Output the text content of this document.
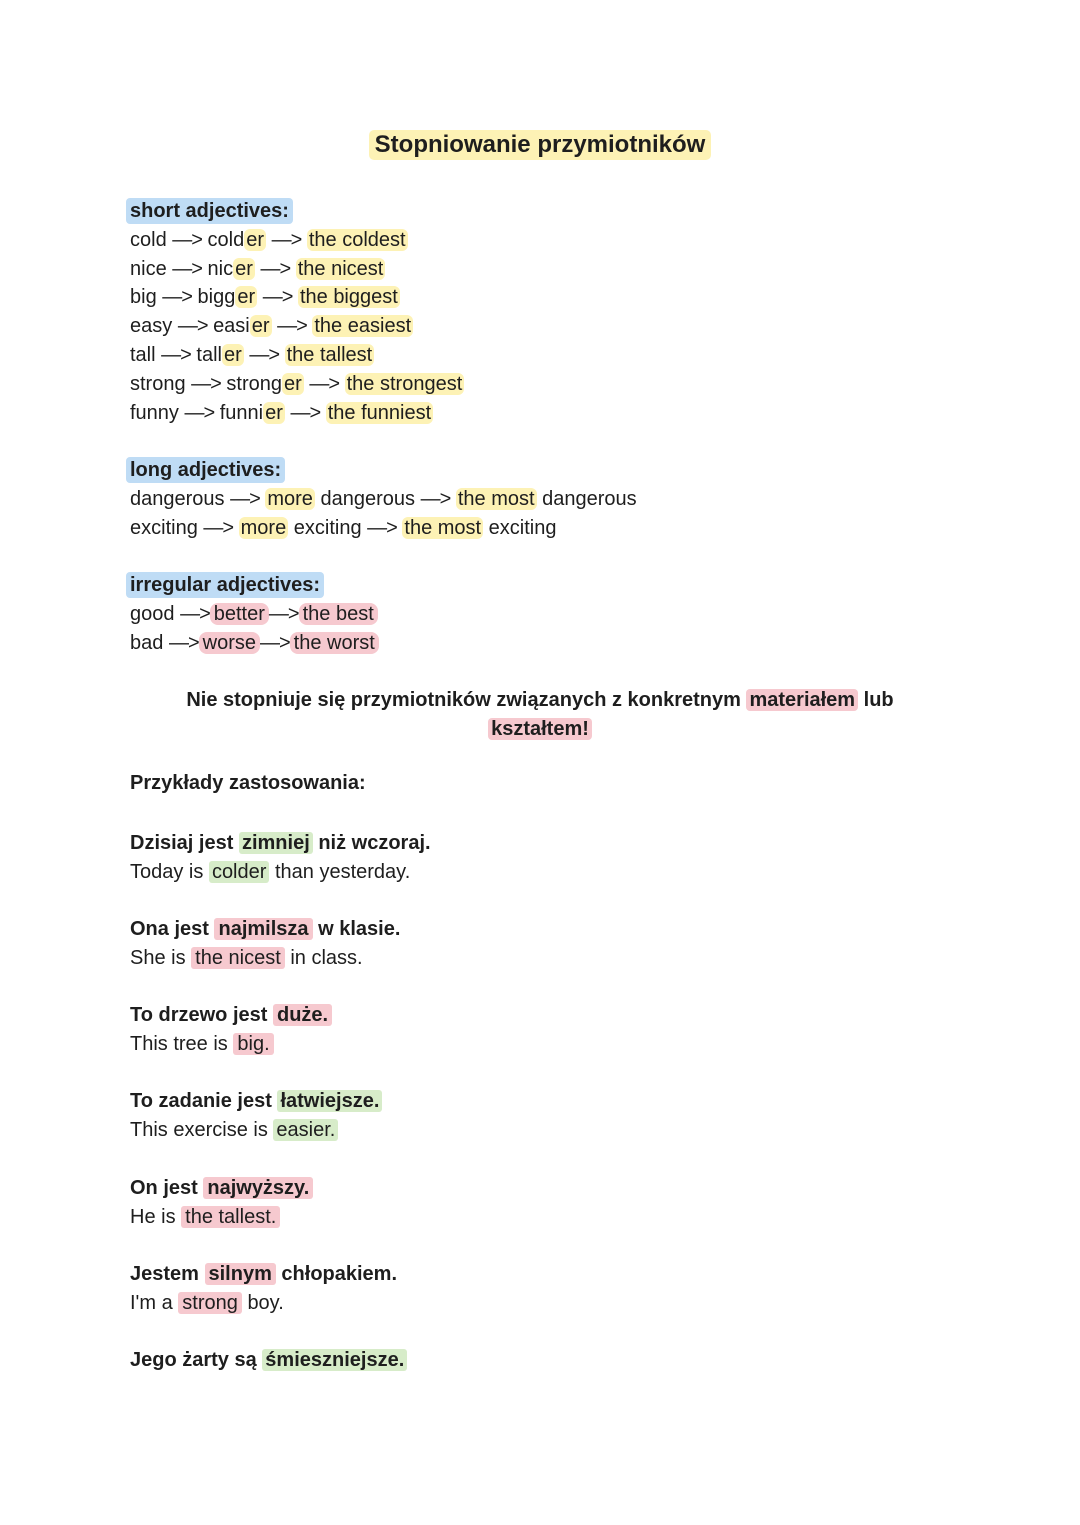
Stopniowanie przymiotników
short adjectives:
cold —> cold er —> the coldest
nice —> nic er —> the nicest
big —> bigg er —> the biggest
easy —> easi er —> the easiest
tall —> tall er —> the tallest
strong —> strong er —> the strongest
funny —> funni er —> the funniest
long adjectives:
dangerous —> more dangerous —> the most dangerous
exciting —> more exciting —> the most exciting
irregular adjectives:
good —> better —> the best
bad —> worse —> the worst
Nie stopniuje się przymiotników związanych z konkretnym materiałem lub
kształtem!
Przykłady zastosowania:
Dzisiaj jest zimniej niż wczoraj.
Today is colder than yesterday.
Ona jest najmilsza w klasie.
She is the nicest in class.
To drzewo jest duże.
This tree is big.
To zadanie jest łatwiejsze.
This exercise is easier.
On jest najwyższy.
He is the tallest.
Jestem silnym chłopakiem.
I'm a strong boy.
Jego żarty są śmieszniejsze.
